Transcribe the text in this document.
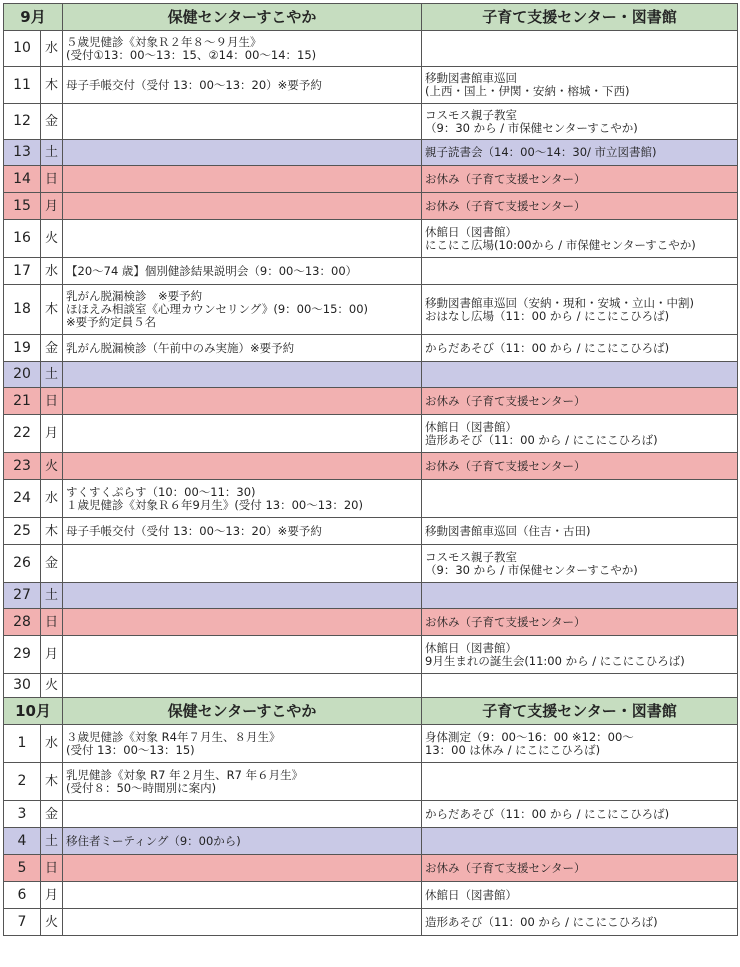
9月		保健センターすこやか	子育て支援センター・図書館
10	水	５歳児健診《対象Ｒ２年８～９月生》
(受付①13：00～13：15、②14：00～14：15)	

11	木	母子手帳交付（受付 13：00～13：20）※要予約	移動図書館車巡回
(上西・国上・伊関・安納・榕城・下西)

12	金		コスモス親子教室
（9：30 から / 市保健センターすこやか)

13	土		親子読書会（14：00～14：30/ 市立図書館)

14	日		お休み（子育て支援センター）

15	月		お休み（子育て支援センター）

16	火		休館日（図書館）
にこにこ広場(10:00から / 市保健センターすこやか)

17	水	【20～74 歳】個別健診結果説明会（9：00～13：00）	

18	木	乳がん脱漏検診　※要予約
ほほえみ相談室《心理カウンセリング》(9：00～15：00)
※要予約定員５名	移動図書館車巡回（安納・現和・安城・立山・中割)
おはなし広場（11：00 から / にこにこひろば)

19	金	乳がん脱漏検診（午前中のみ実施）※要予約	からだあそび（11：00 から / にこにこひろば)

20	土		
21	日		お休み（子育て支援センター）

22	月		休館日（図書館）
造形あそび（11：00 から / にこにこひろば)

23	火		お休み（子育て支援センター）

24	水	すくすくぷらす（10：00～11：30)
１歳児健診《対象Ｒ６年9月生》(受付 13：00～13：20)	

25	木	母子手帳交付（受付 13：00～13：20）※要予約	移動図書館車巡回（住吉・古田)

26	金		コスモス親子教室
（9：30 から / 市保健センターすこやか)

27	土		
28	日		お休み（子育て支援センター）

29	月		休館日（図書館）
9月生まれの誕生会(11:00 から / にこにこひろば)

30	火		
10月		保健センターすこやか	子育て支援センター・図書館
1	水	３歳児健診《対象 R4年７月生、８月生》
(受付 13：00～13：15)	身体測定（9：00～16：00 ※12：00～
13：00 は休み / にこにこひろば)

2	木	乳児健診《対象 R7 年２月生、R7 年６月生》
(受付８：50～時間別に案内)	

3	金		からだあそび（11：00 から / にこにこひろば)

4	土	移住者ミーティング（9：00から)	

5	日		お休み（子育て支援センター）

6	月		休館日（図書館）

7	火		造形あそび（11：00 から / にこにこひろば)
